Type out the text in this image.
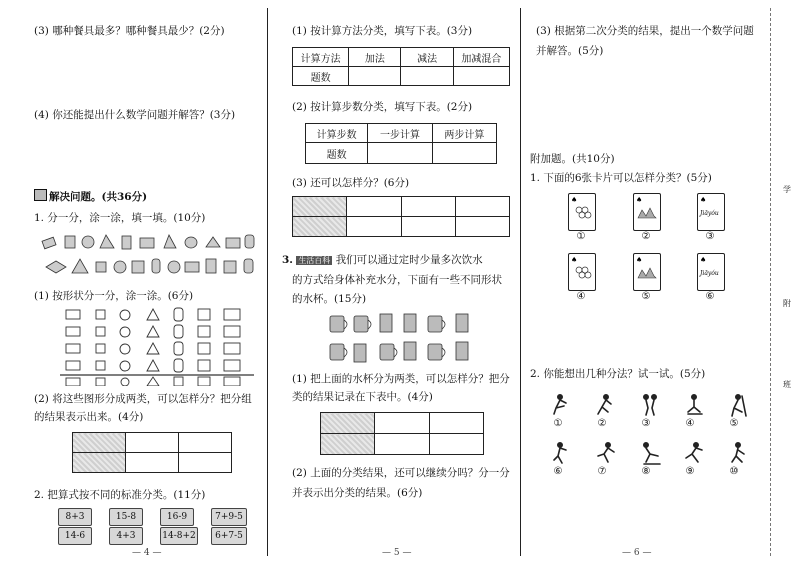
学
附
班
(3) 哪种餐具最多？哪种餐具最少？(2分)
(4) 你还能提出什么数学问题并解答？(3分)
解决问题。(共36分)
1. 分一分，涂一涂，填一填。(10分)
(1) 按形状分一分，涂一涂。(6分)
(2) 将这些图形分成两类，可以怎样分？把分组
的结果表示出来。(4分)

2. 把算式按不同的标准分类。(11分)
8+3	15-8	16-9	7+9-5
14-6	4+3	14-8+2	6+7-5
— 4 —
(1) 按计算方法分类，填写下表。(3分)
计算方法	加法	减法	加减混合
题数			
(2) 按计算步数分类，填写下表。(2分)
计算步数	一步计算	两步计算
题数		
(3) 还可以怎样分？(6分)

3. 生活百科 我们可以通过定时少量多次饮水
的方式给身体补充水分，下面有一些不同形状
的水杯。(15分)
(1) 把上面的水杯分为两类，可以怎样分？把分
类的结果记录在下表中。(4分)

(2) 上面的分类结果，还可以继续分吗？分一分
并表示出分类的结果。(6分)
— 5 —
(3) 根据第二次分类的结果，提出一个数学问题
并解答。(5分)
附加题。(共10分)
1. 下面的6张卡片可以怎样分类？(5分)
♠	♠	♠
Jiāyóu
①	②	③
♠	♠	♠
Jiāyóu
④	⑤	⑥
2. 你能想出几种分法？试一试。(5分)
①	②	③	④	⑤
⑥	⑦	⑧	⑨	⑩
— 6 —
